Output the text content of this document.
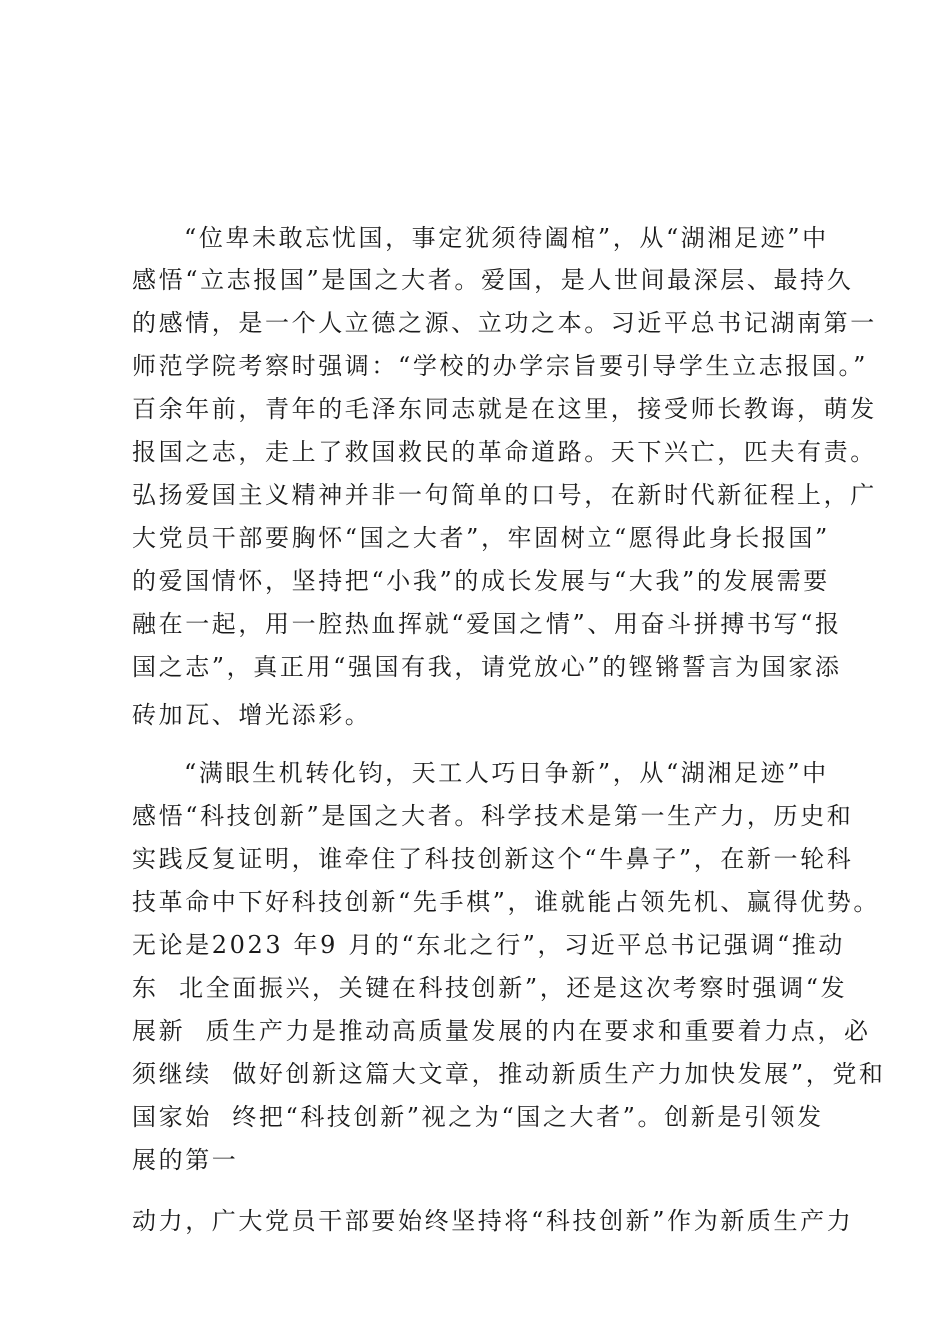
“位卑未敢忘忧国，事定犹须待阖棺”，从“湖湘足迹”中
感悟“立志报国”是国之大者。爱国，是人世间最深层、最持久
的感情，是一个人立德之源、立功之本。习近平总书记湖南第一
师范学院考察时强调：“学校的办学宗旨要引导学生立志报国。”
百余年前，青年的毛泽东同志就是在这里，接受师长教诲，萌发
报国之志，走上了救国救民的革命道路。天下兴亡，匹夫有责。
弘扬爱国主义精神并非一句简单的口号，在新时代新征程上，广
大党员干部要胸怀“国之大者”，牢固树立“愿得此身长报国”
的爱国情怀，坚持把“小我”的成长发展与“大我”的发展需要
融在一起，用一腔热血挥就“爱国之情”、用奋斗拼搏书写“报
国之志”，真正用“强国有我，请党放心”的铿锵誓言为国家添
砖加瓦、增光添彩。
“满眼生机转化钧，天工人巧日争新”，从“湖湘足迹”中
感悟“科技创新”是国之大者。科学技术是第一生产力，历史和
实践反复证明，谁牵住了科技创新这个“牛鼻子”，在新一轮科
技革命中下好科技创新“先手棋”，谁就能占领先机、赢得优势。
无论是2023 年9 月的“东北之行”，习近平总书记强调“推动
东  北全面振兴，关键在科技创新”，还是这次考察时强调“发
展新  质生产力是推动高质量发展的内在要求和重要着力点，必
须继续  做好创新这篇大文章，推动新质生产力加快发展”，党和
国家始  终把“科技创新”视之为“国之大者”。创新是引领发
展的第一
动力，广大党员干部要始终坚持将“科技创新”作为新质生产力
